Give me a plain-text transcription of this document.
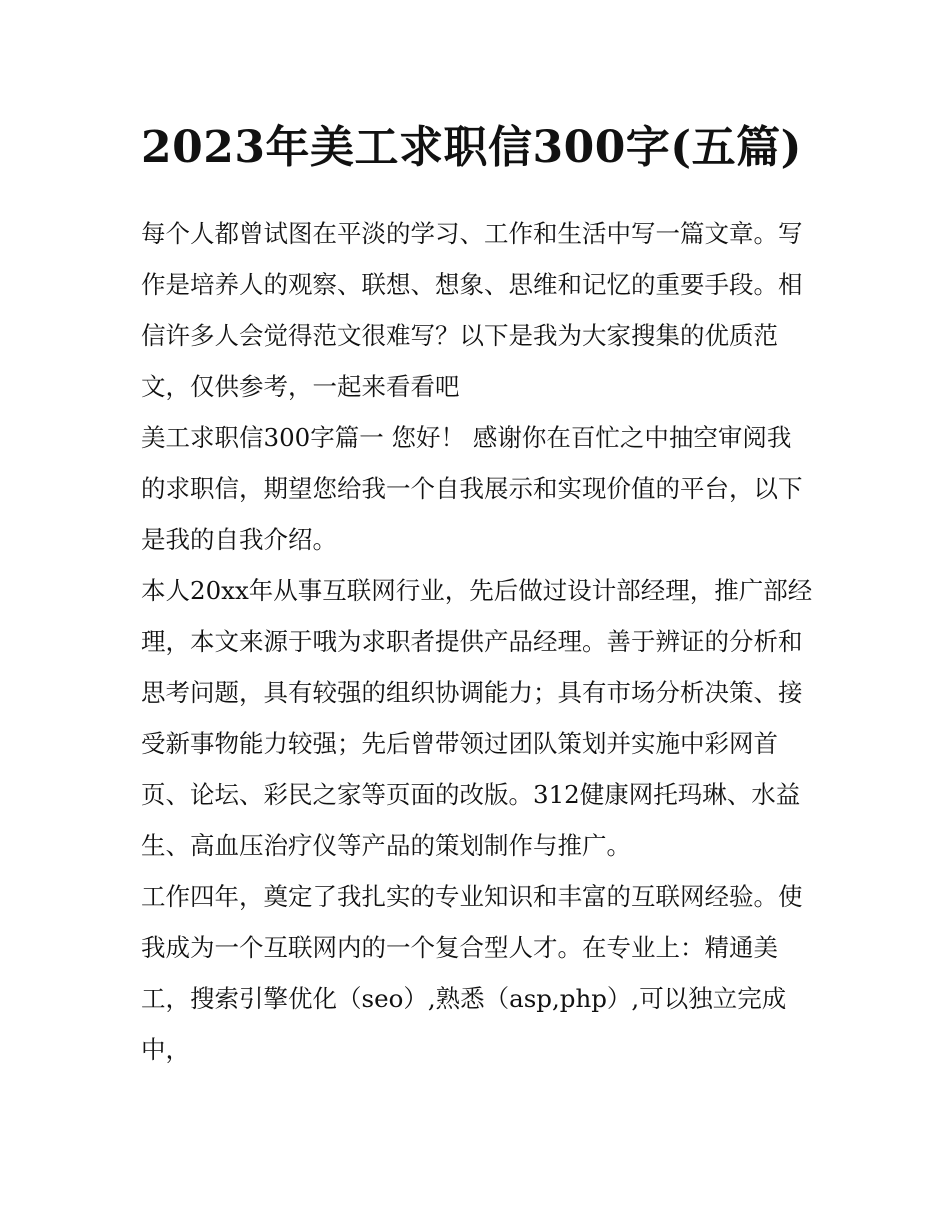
2023年美工求职信300字(五篇)

每个人都曾试图在平淡的学习、工作和生活中写一篇文章。写作是培养人的观察、联想、想象、思维和记忆的重要手段。相信许多人会觉得范文很难写？以下是我为大家搜集的优质范文，仅供参考，一起来看看吧

美工求职信300字篇一 您好！ 感谢你在百忙之中抽空审阅我的求职信，期望您给我一个自我展示和实现价值的平台，以下是我的自我介绍。

本人20xx年从事互联网行业，先后做过设计部经理，推广部经理，本文来源于哦为求职者提供产品经理。善于辨证的分析和思考问题，具有较强的组织协调能力；具有市场分析决策、接受新事物能力较强；先后曾带领过团队策划并实施中彩网首页、论坛、彩民之家等页面的改版。312健康网托玛琳、水益生、高血压治疗仪等产品的策划制作与推广。

工作四年，奠定了我扎实的专业知识和丰富的互联网经验。使我成为一个互联网内的一个复合型人才。在专业上：精通美工，搜索引擎优化（seo）,熟悉（asp,php）,可以独立完成中，
